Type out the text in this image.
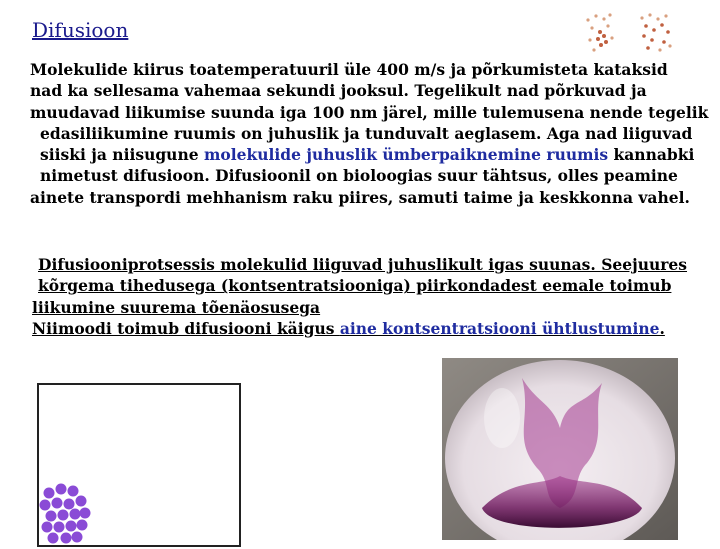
Difusioon
Molekulide kiirus toatemperatuuril üle 400 m/s ja põrkumisteta kataksid
nad ka sellesama vahemaa sekundi jooksul. Tegelikult nad põrkuvad ja
muudavad liikumise suunda iga 100 nm järel, mille tulemusena nende tegelik
edasiliikumine ruumis on juhuslik ja tunduvalt aeglasem. Aga nad liiguvad
siiski ja niisugune molekulide juhuslik ümberpaiknemine ruumis kannabki
nimetust difusioon. Difusioonil on bioloogias suur tähtsus, olles peamine
ainete transpordi mehhanism raku piires, samuti taime ja keskkonna vahel.
Difusiooniprotsessis molekulid liiguvad juhuslikult igas suunas. Seejuures
kõrgema tihedusega (kontsentratsiooniga) piirkondadest eemale toimub
liikumine suurema tõenäosusega
Niimoodi toimub difusiooni käigus aine kontsentratsiooni ühtlustumine.
